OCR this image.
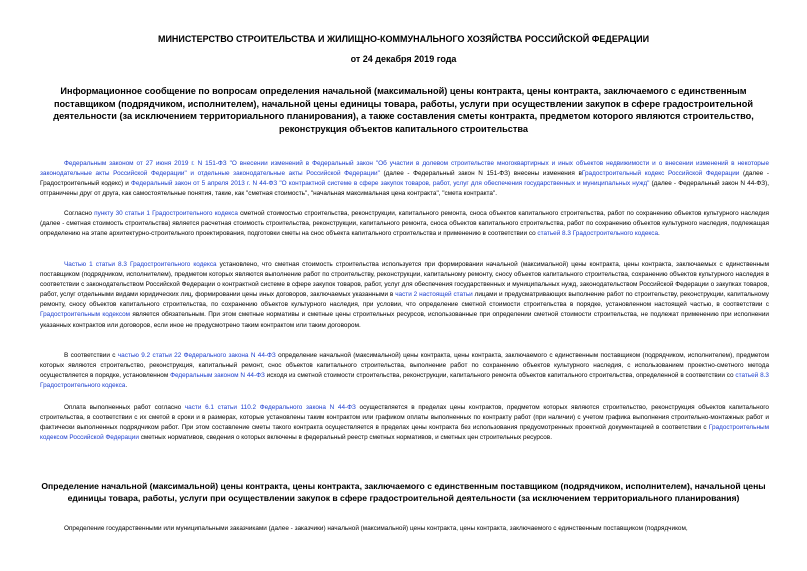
МИНИСТЕРСТВО СТРОИТЕЛЬСТВА И ЖИЛИЩНО-КОММУНАЛЬНОГО ХОЗЯЙСТВА РОССИЙСКОЙ ФЕДЕРАЦИИ
от 24 декабря 2019 года
Информационное сообщение по вопросам определения начальной (максимальной) цены контракта, цены контракта, заключаемого с единственным поставщиком (подрядчиком, исполнителем), начальной цены единицы товара, работы, услуги при осуществлении закупок в сфере градостроительной деятельности (за исключением территориального планирования), а также составления сметы контракта, предметом которого являются строительство, реконструкция объектов капитального строительства
Федеральным законом от 27 июня 2019 г. N 151-ФЗ "О внесении изменений в Федеральный закон "Об участии в долевом строительстве многоквартирных и иных объектов недвижимости и о внесении изменений в некоторые законодательные акты Российской Федерации" и отдельные законодательные акты Российской Федерации" (далее - Федеральный закон N 151-ФЗ) внесены изменения вГрадостроительный кодекс Российской Федерации (далее - Градостроительный кодекс) и Федеральный закон от 5 апреля 2013 г. N 44-ФЗ "О контрактной системе в сфере закупок товаров, работ, услуг для обеспечения государственных и муниципальных нужд" (далее - Федеральный закон N 44-ФЗ), отграничены друг от друга, как самостоятельные понятия, такие, как "сметная стоимость", "начальная максимальная цена контракта", "смета контракта".
Согласно пункту 30 статьи 1 Градостроительного кодекса сметной стоимостью строительства, реконструкции, капитального ремонта, сноса объектов капитального строительства, работ по сохранению объектов культурного наследия (далее - сметная стоимость строительства) является расчетная стоимость строительства, реконструкции, капитального ремонта, сноса объектов капитального строительства, работ по сохранению объектов культурного наследия, подлежащая определению на этапе архитектурно-строительного проектирования, подготовки сметы на снос объекта капитального строительства и применению в соответствии со статьей 8.3 Градостроительного кодекса.
Частью 1 статьи 8.3 Градостроительного кодекса установлено, что сметная стоимость строительства используется при формировании начальной (максимальной) цены контракта, цены контракта, заключаемых с единственным поставщиком (подрядчиком, исполнителем), предметом которых являются выполнение работ по строительству, реконструкции, капитальному ремонту, сносу объектов капитального строительства, сохранению объектов культурного наследия в соответствии с законодательством Российской Федерации о контрактной системе в сфере закупок товаров, работ, услуг для обеспечения государственных и муниципальных нужд, законодательством Российской Федерации о закупках товаров, работ, услуг отдельными видами юридических лиц, формировании цены иных договоров, заключаемых указанными в части 2 настоящей статьи лицами и предусматривающих выполнение работ по строительству, реконструкции, капитальному ремонту, сносу объектов капитального строительства, по сохранению объектов культурного наследия, при условии, что определение сметной стоимости строительства в порядке, установленном настоящей частью, в соответствии с Градостроительным кодексом является обязательным. При этом сметные нормативы и сметные цены строительных ресурсов, использованные при определении сметной стоимости строительства, не подлежат применению при исполнении указанных контрактов или договоров, если иное не предусмотрено таким контрактом или таким договором.
В соответствии с частью 9.2 статьи 22 Федерального закона N 44-ФЗ определение начальной (максимальной) цены контракта, цены контракта, заключаемого с единственным поставщиком (подрядчиком, исполнителем), предметом которых являются строительство, реконструкция, капитальный ремонт, снос объектов капитального строительства, выполнение работ по сохранению объектов культурного наследия, с использованием проектно-сметного метода осуществляется в порядке, установленном Федеральным законом N 44-ФЗ исходя из сметной стоимости строительства, реконструкции, капитального ремонта объектов капитального строительства, определенной в соответствии со статьей 8.3 Градостроительного кодекса.
Оплата выполненных работ согласно части 6.1 статьи 110.2 Федерального закона N 44-ФЗ осуществляется в пределах цены контрактов, предметом которых являются строительство, реконструкция объектов капитального строительства, в соответствии с их сметой в сроки и в размерах, которые установлены таким контрактом или графиком оплаты выполненных по контракту работ (при наличии) с учетом графика выполнения строительно-монтажных работ и фактически выполненных подрядчиком работ. При этом составление сметы такого контракта осуществляется в пределах цены контракта без использования предусмотренных проектной документацией в соответствии с Градостроительным кодексом Российской Федерации сметных нормативов, сведения о которых включены в федеральный реестр сметных нормативов, и сметных цен строительных ресурсов.
Определение начальной (максимальной) цены контракта, цены контракта, заключаемого с единственным поставщиком (подрядчиком, исполнителем), начальной цены единицы товара, работы, услуги при осуществлении закупок в сфере градостроительной деятельности (за исключением территориального планирования)
Определение государственными или муниципальными заказчиками (далее - заказчики) начальной (максимальной) цены контракта, цены контракта, заключаемого с единственным поставщиком (подрядчиком,
